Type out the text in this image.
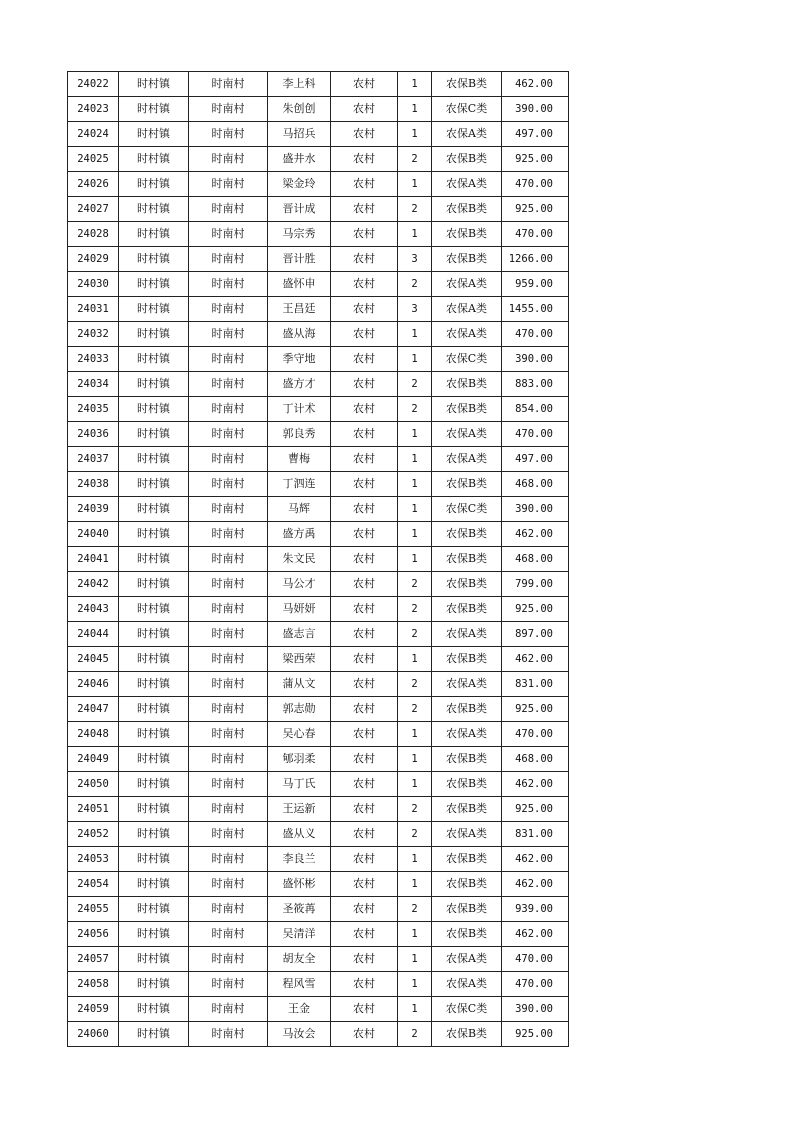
24022	时村镇	时南村	李上科	农村	1	农保B类	462.00
24023	时村镇	时南村	朱创创	农村	1	农保C类	390.00
24024	时村镇	时南村	马招兵	农村	1	农保A类	497.00
24025	时村镇	时南村	盛井水	农村	2	农保B类	925.00
24026	时村镇	时南村	梁金玲	农村	1	农保A类	470.00
24027	时村镇	时南村	晋计成	农村	2	农保B类	925.00
24028	时村镇	时南村	马宗秀	农村	1	农保B类	470.00
24029	时村镇	时南村	晋计胜	农村	3	农保B类	1266.00
24030	时村镇	时南村	盛怀申	农村	2	农保A类	959.00
24031	时村镇	时南村	王昌廷	农村	3	农保A类	1455.00
24032	时村镇	时南村	盛从海	农村	1	农保A类	470.00
24033	时村镇	时南村	季守地	农村	1	农保C类	390.00
24034	时村镇	时南村	盛方才	农村	2	农保B类	883.00
24035	时村镇	时南村	丁计术	农村	2	农保B类	854.00
24036	时村镇	时南村	郭良秀	农村	1	农保A类	470.00
24037	时村镇	时南村	曹梅	农村	1	农保A类	497.00
24038	时村镇	时南村	丁泗连	农村	1	农保B类	468.00
24039	时村镇	时南村	马辉	农村	1	农保C类	390.00
24040	时村镇	时南村	盛方禹	农村	1	农保B类	462.00
24041	时村镇	时南村	朱文民	农村	1	农保B类	468.00
24042	时村镇	时南村	马公才	农村	2	农保B类	799.00
24043	时村镇	时南村	马妍妍	农村	2	农保B类	925.00
24044	时村镇	时南村	盛志言	农村	2	农保A类	897.00
24045	时村镇	时南村	梁西荣	农村	1	农保B类	462.00
24046	时村镇	时南村	蒲从文	农村	2	农保A类	831.00
24047	时村镇	时南村	郭志勋	农村	2	农保B类	925.00
24048	时村镇	时南村	吴心春	农村	1	农保A类	470.00
24049	时村镇	时南村	郇羽柔	农村	1	农保B类	468.00
24050	时村镇	时南村	马丁氏	农村	1	农保B类	462.00
24051	时村镇	时南村	王运新	农村	2	农保B类	925.00
24052	时村镇	时南村	盛从义	农村	2	农保A类	831.00
24053	时村镇	时南村	李良兰	农村	1	农保B类	462.00
24054	时村镇	时南村	盛怀彬	农村	1	农保B类	462.00
24055	时村镇	时南村	圣筱苒	农村	2	农保B类	939.00
24056	时村镇	时南村	吴清洋	农村	1	农保B类	462.00
24057	时村镇	时南村	胡友全	农村	1	农保A类	470.00
24058	时村镇	时南村	程风雪	农村	1	农保A类	470.00
24059	时村镇	时南村	王金	农村	1	农保C类	390.00
24060	时村镇	时南村	马汝会	农村	2	农保B类	925.00
